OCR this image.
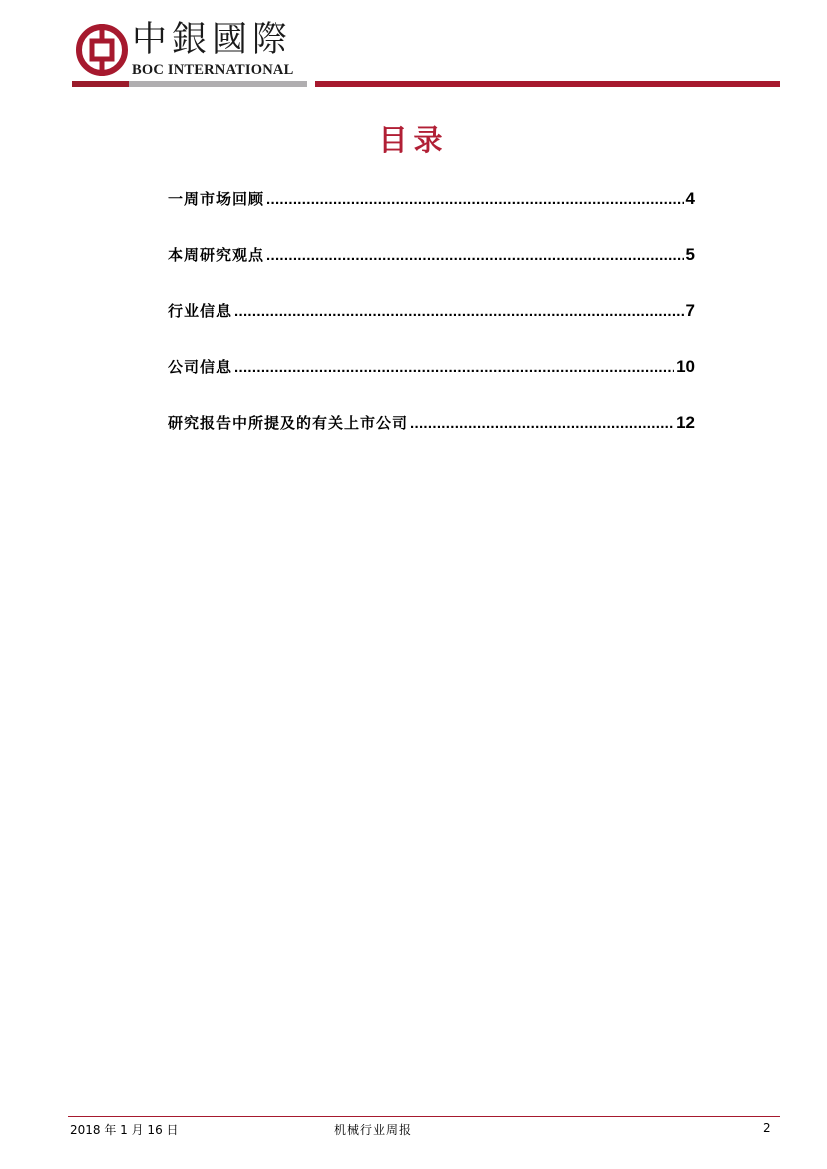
中銀國際
BOC INTERNATIONAL
目录
一周市场回顾 .....	4
本周研究观点 .....	5
行业信息 .....	7
公司信息 .....	10
研究报告中所提及的有关上市公司 .....	12
2018 年 1 月 16 日	机械行业周报	2
